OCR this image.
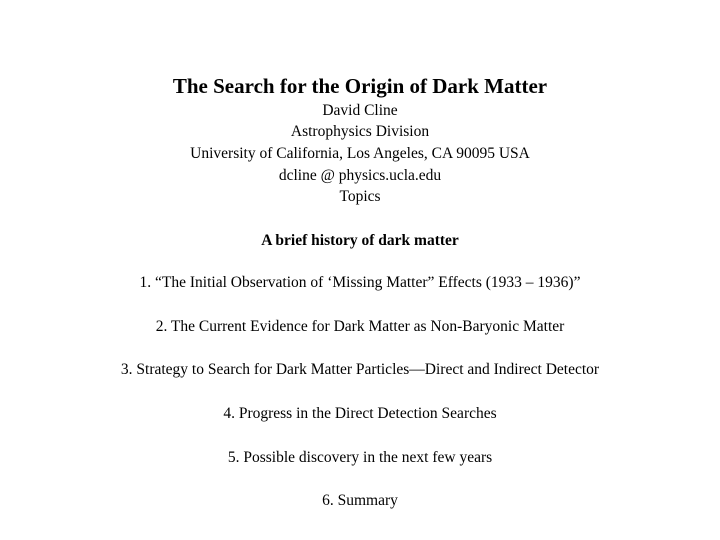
The Search for the Origin of Dark Matter
David Cline
Astrophysics Division
University of California, Los Angeles, CA 90095 USA
dcline @ physics.ucla.edu
Topics
A brief history of dark matter
1. “The Initial Observation of ‘Missing Matter” Effects (1933 – 1936)”
2. The Current Evidence for Dark Matter as Non-Baryonic Matter
3. Strategy to Search for Dark Matter Particles—Direct and Indirect Detector
4. Progress in the Direct Detection Searches
5. Possible discovery in the next few years
6. Summary
